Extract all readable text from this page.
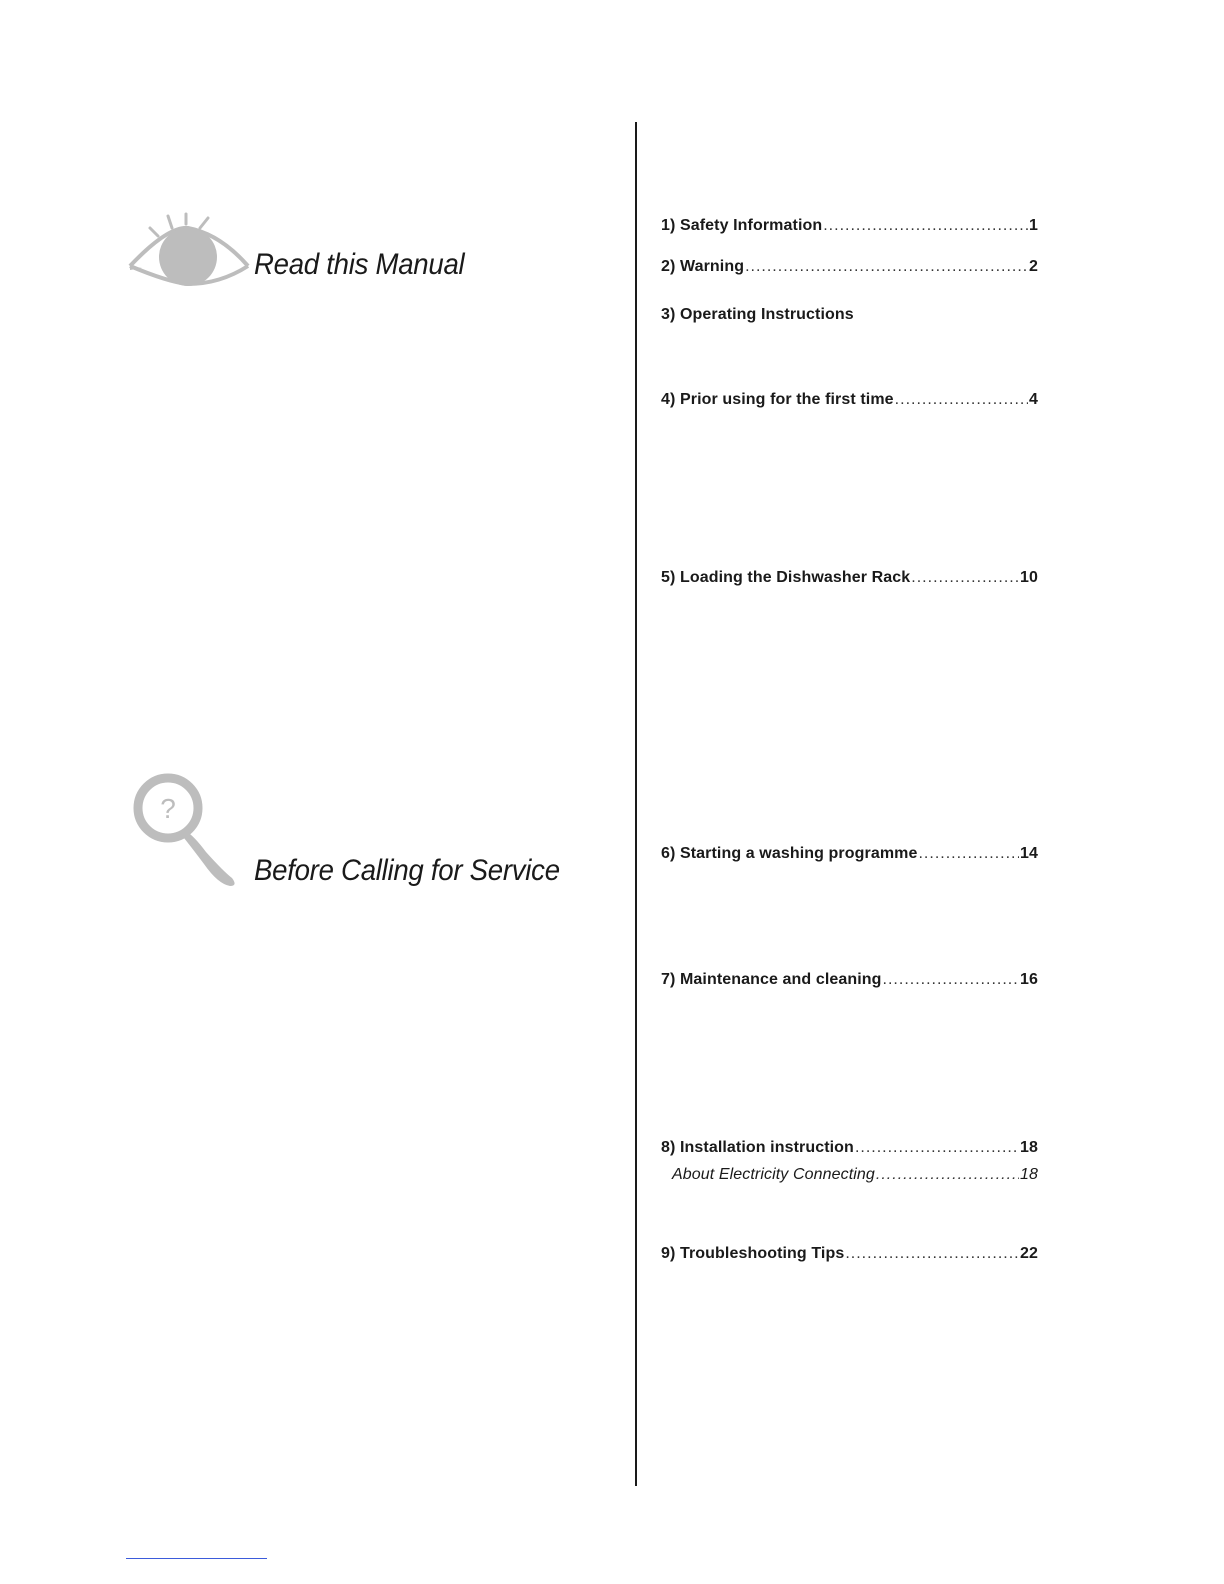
Read this Manual
?
Before Calling for Service
1) Safety Information .....	1
2) Warning .....	2
3) Operating Instructions
4) Prior using for the first time .....	4
5) Loading the Dishwasher Rack .....	10
6) Starting a washing programme .....	14
7) Maintenance and cleaning .....	16
8) Installation instruction .....	18
About Electricity Connecting .....	18
9) Troubleshooting Tips .....	22
